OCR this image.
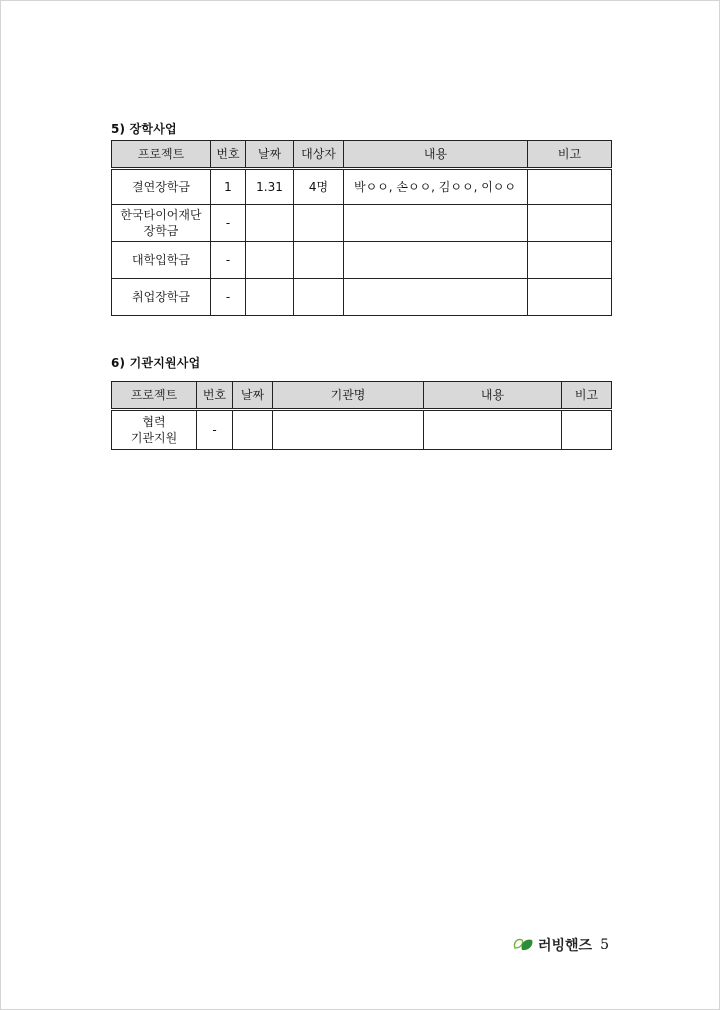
5) 장학사업
프로젝트	번호	날짜	대상자	내용	비고
결연장학금	1	1.31	4명	박ㅇㅇ, 손ㅇㅇ, 김ㅇㅇ, 이ㅇㅇ	

한국타이어재단
장학금	-				
대학입학금	-				
취업장학금	-				
6) 기관지원사업
프로젝트	번호	날짜	기관명	내용	비고

협력
기관지원	-				
러빙핸즈 5
